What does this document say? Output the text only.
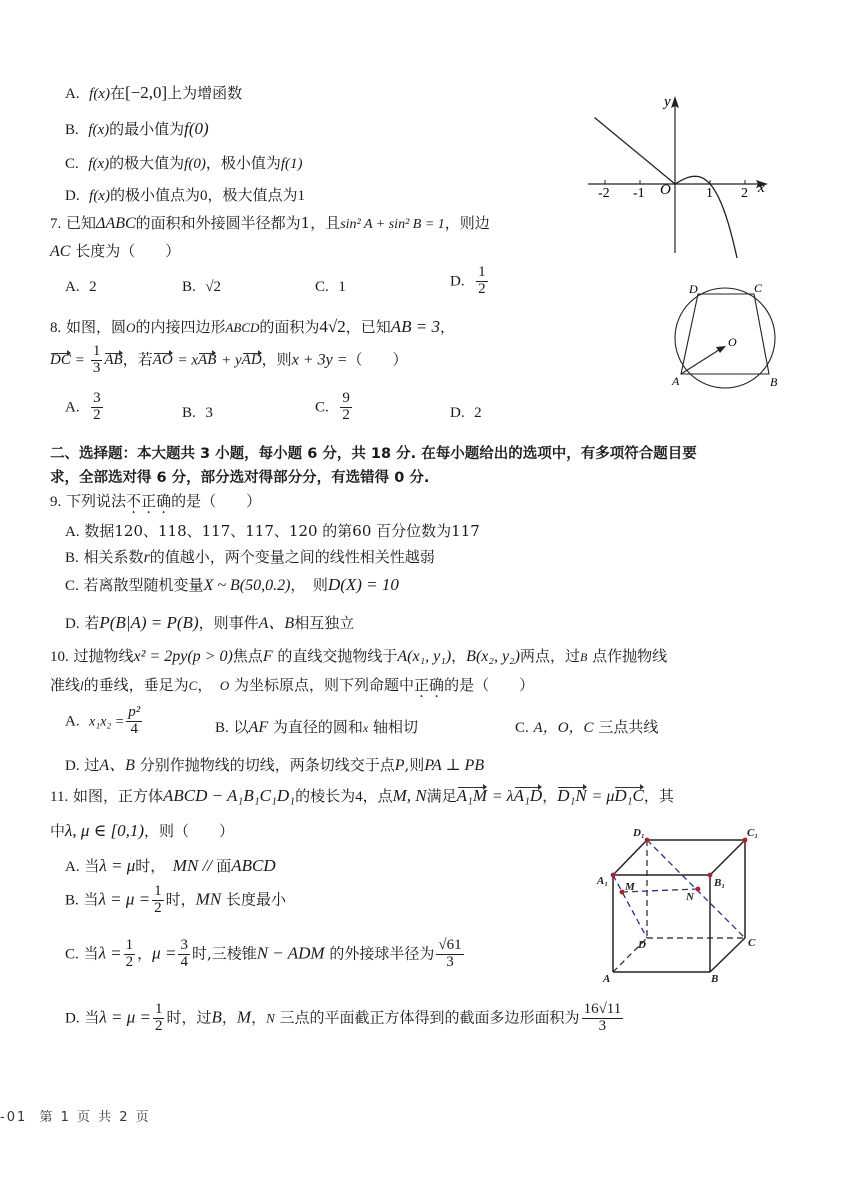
A. f(x)在[−2,0]上为增函数
B. f(x)的最小值为f(0)
C. f(x)的极大值为f(0)，极小值为f(1)
D. f(x)的极小值点为0，极大值点为1	-2 -1	1 2
y
x
O
7. 已知ΔABC的面积和外接圆半径都为1，且sin² A + sin² B = 1，则边
AC 长度为（　　）
A. 2	B. √2	C. 1	D. $\frac{1}{2}$
A	B
C
D
O
8. 如图，圆O的内接四边形ABCD的面积为4√2，已知AB = 3，
DC = $\frac{1}{3}$ AB，若AO = xAB + yAD，则x + 3y =（　　）
A. $\frac{3}{2}$	B. 3	C. $\frac{9}{2}$	D. 2
二、选择题：本大题共 3 小题，每小题 6 分，共 18 分. 在每小题给出的选项中，有多项符合题目要
求，全部选对得 6 分，部分选对得部分分，有选错得 0 分.
9. 下列说法不正确的是（　　）
A. 数据120、118、117、117、120 的第60 百分位数为117
B. 相关系数r的值越小，两个变量之间的线性相关性越弱
C. 若离散型随机变量X ~ B(50,0.2)，　则D(X) = 10
D. 若P(B|A) = P(B)，则事件A、B相互独立
10. 过抛物线x² = 2py(p > 0)焦点F 的直线交抛物线于A(x₁, y₁)，B(x₂, y₂)两点，过B 点作抛物线
准线l的垂线，垂足为C，　O 为坐标原点，则下列命题中正确的是（　　）
A. $x_1x_2 = \frac{\text{p²}}{4}$	B. 以AF 为直径的圆和x 轴相切	C. A，O，C 三点共线
D. 过A、B 分别作抛物线的切线，两条切线交于点P,则PA ⊥ PB
11. 如图，正方体ABCD − A₁B₁C₁D₁的棱长为4，点M, N满足A₁M = λA₁D，D₁N = μD₁C，其
中λ, μ ∈ [0,1)，则（　　）
A. 当λ = μ时，　MN // 面ABCD
B. 当$\lambda = \mu = \frac{1}{2}$ 时，MN 长度最小
C. 当$\lambda = \frac{1}{2}$ ，$\mu = \frac{3}{4}$ 时,三棱锥N − ADM 的外接球半径为 $\frac{√61}{3}$
D. 当$\lambda = \mu = \frac{1}{2}$ 时，过B，M，N 三点的平面截正方体得到的截面多边形面积为 $\frac{16√11}{3}$
D₁	C₁
A₁	B₁
M
N
D	C
A	B
-01 第 1 页 共 2 页
